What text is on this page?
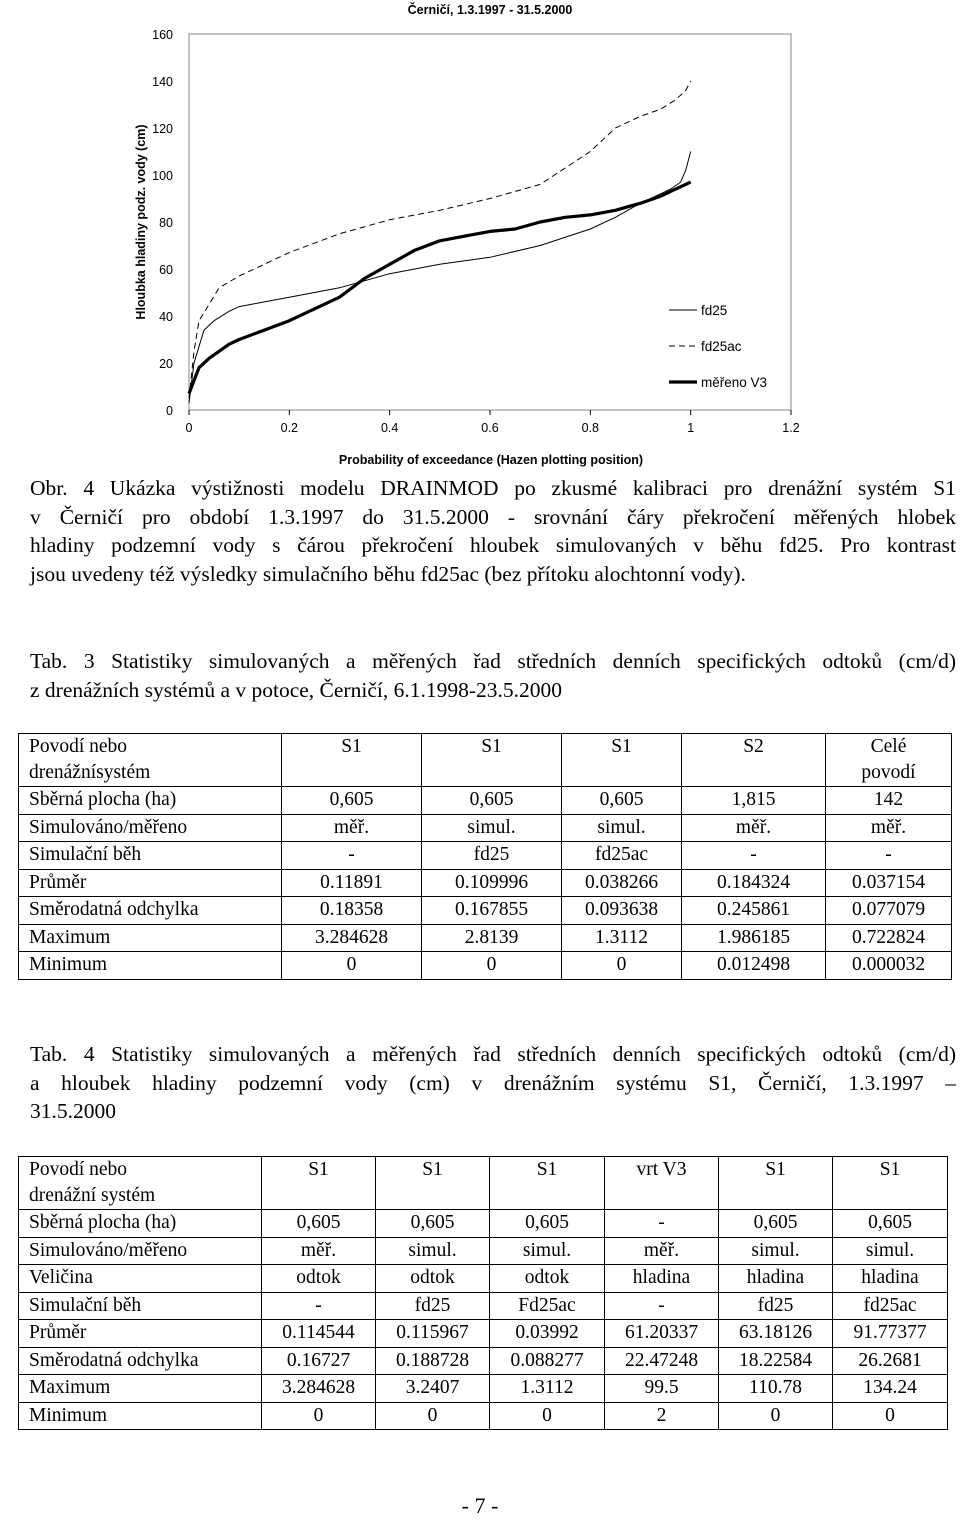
Černičí, 1.3.1997 - 31.5.2000
Hloubka hladiny podz. vody (cm)
Probability of exceedance (Hazen plotting position)
0	0.2	0.4	0.6	0.8	1	1.2
0
20
40
60
80
100
120
140
160
fd25
fd25ac
měřeno V3
Obr. 4 Ukázka výstižnosti modelu DRAINMOD po zkusmé kalibraci pro drenážní systém S1
v Černičí pro období 1.3.1997 do 31.5.2000 - srovnání čáry překročení měřených hlobek
hladiny podzemní vody s čárou překročení hloubek simulovaných v běhu fd25. Pro kontrast
jsou uvedeny též výsledky simulačního běhu fd25ac (bez přítoku alochtonní vody).
Tab. 3 Statistiky simulovaných a měřených řad středních denních specifických odtoků (cm/d)
z drenážních systémů a v potoce, Černičí, 6.1.1998-23.5.2000
Povodí nebo
drenážnísystém	S1	S1	S1	S2	Celé
povodí
Sběrná plocha (ha)	0,605	0,605	0,605	1,815	142
Simulováno/měřeno	měř.	simul.	simul.	měř.	měř.
Simulační běh	-	fd25	fd25ac	-	-
Průměr	0.11891	0.109996	0.038266	0.184324	0.037154
Směrodatná odchylka	0.18358	0.167855	0.093638	0.245861	0.077079
Maximum	3.284628	2.8139	1.3112	1.986185	0.722824
Minimum	0	0	0	0.012498	0.000032
Tab. 4 Statistiky simulovaných a měřených řad středních denních specifických odtoků (cm/d)
a hloubek hladiny podzemní vody (cm) v drenážním systému S1, Černičí, 1.3.1997 –
31.5.2000
Povodí nebo
drenážní systém	S1	S1	S1	vrt V3	S1	S1
Sběrná plocha (ha)	0,605	0,605	0,605	-	0,605	0,605
Simulováno/měřeno	měř.	simul.	simul.	měř.	simul.	simul.
Veličina	odtok	odtok	odtok	hladina	hladina	hladina
Simulační běh	-	fd25	Fd25ac	-	fd25	fd25ac
Průměr	0.114544	0.115967	0.03992	61.20337	63.18126	91.77377
Směrodatná odchylka	0.16727	0.188728	0.088277	22.47248	18.22584	26.2681
Maximum	3.284628	3.2407	1.3112	99.5	110.78	134.24
Minimum	0	0	0	2	0	0
- 7 -
